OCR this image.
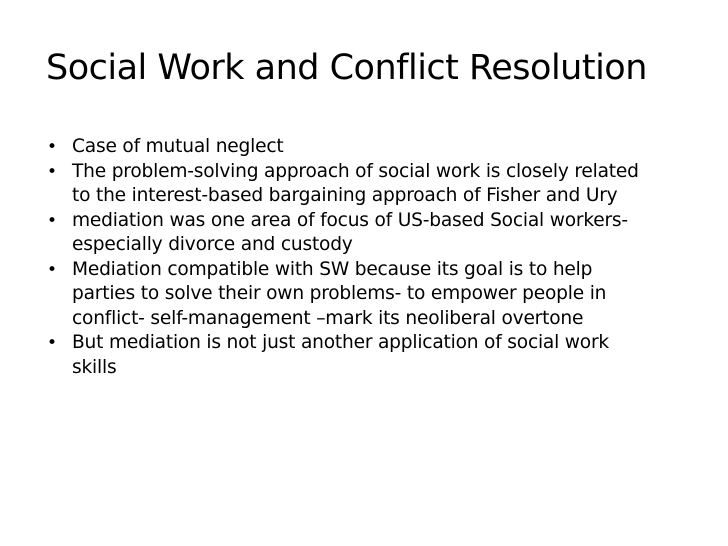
Social Work and Conflict Resolution
• Case of mutual neglect
• The problem-solving approach of social work is closely related
to the interest-based bargaining approach of Fisher and Ury
• mediation was one area of focus of US-based Social workers-
especially divorce and custody
• Mediation compatible with SW because its goal is to help
parties to solve their own problems- to empower people in
conflict- self-management –mark its neoliberal overtone
• But mediation is not just another application of social work
skills
